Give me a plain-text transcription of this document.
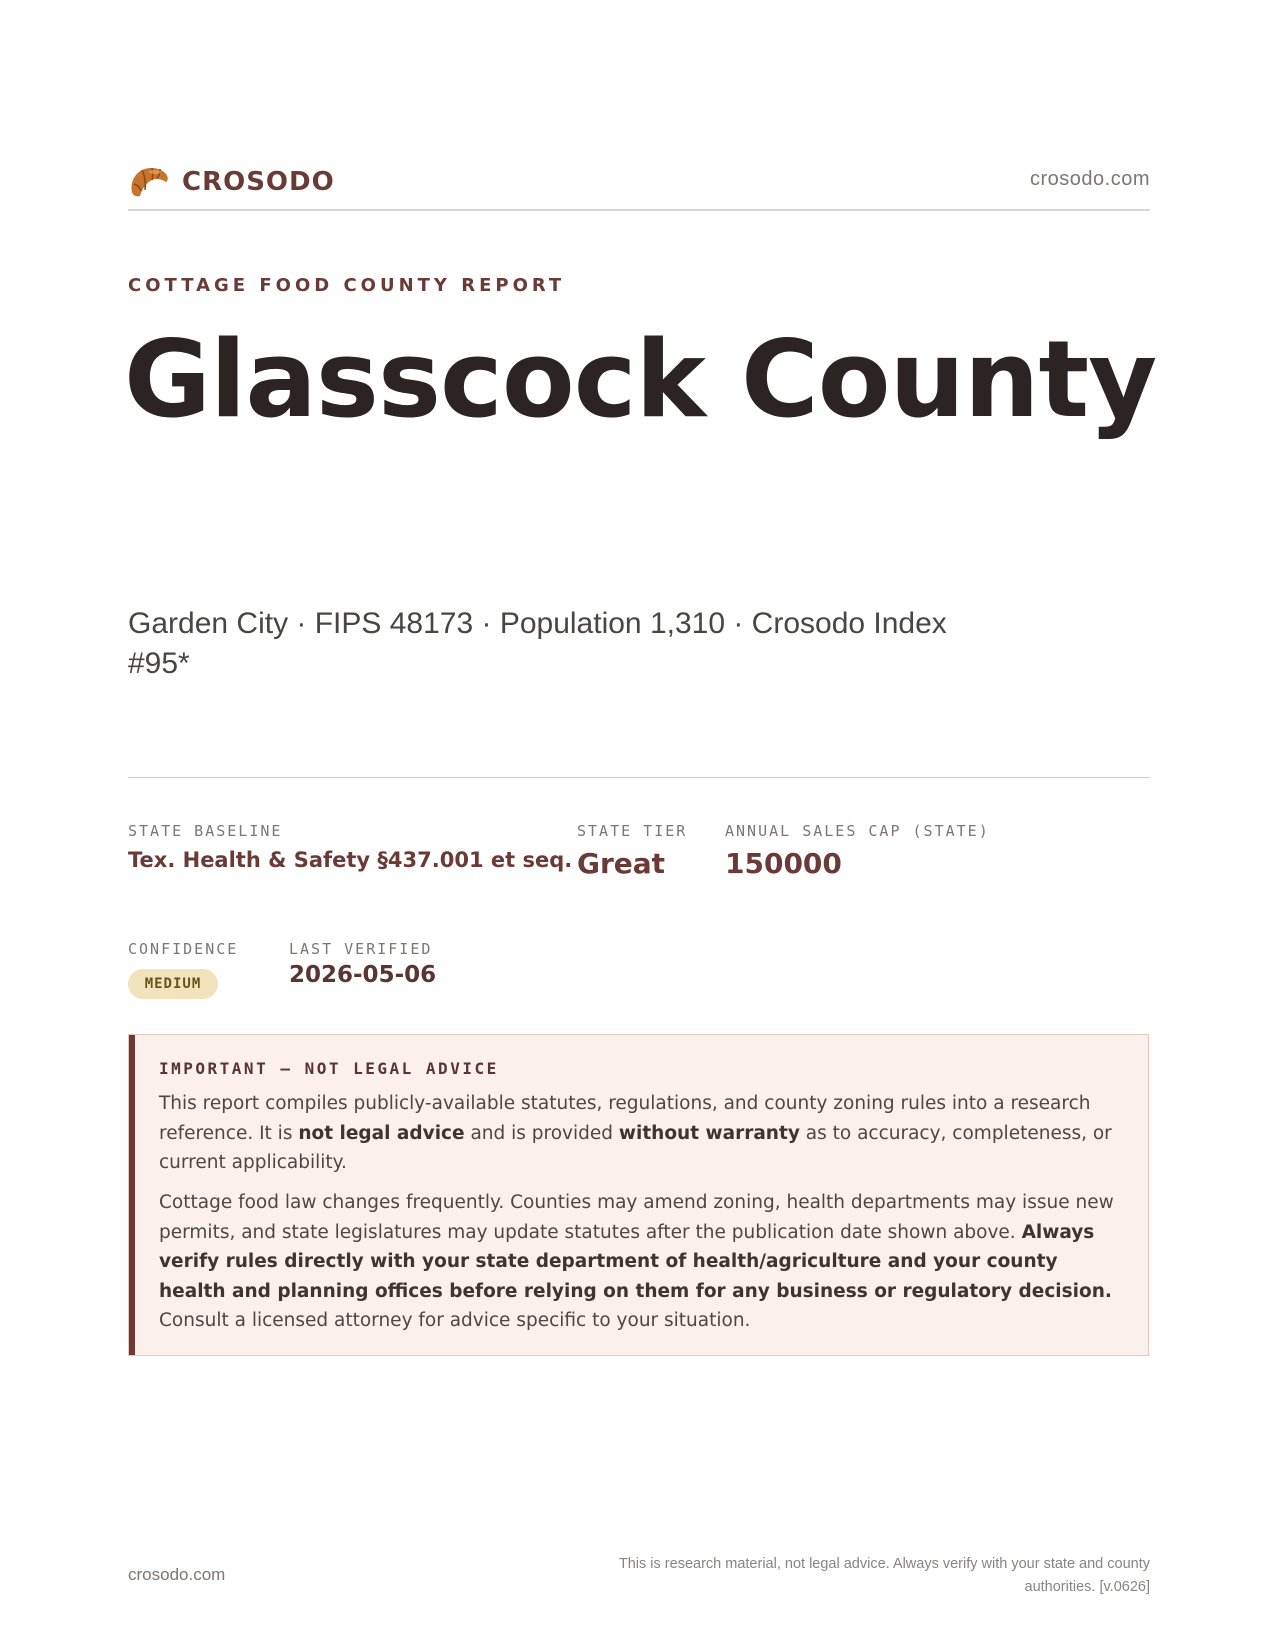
CROSODO	crosodo.com
COTTAGE FOOD COUNTY REPORT
Glasscock County
Garden City · FIPS 48173 · Population 1,310 · Crosodo Index #95*
STATE BASELINE
Tex. Health & Safety §437.001 et seq.
STATE TIER
Great
ANNUAL SALES CAP (STATE)
150000
CONFIDENCE
MEDIUM
LAST VERIFIED
2026-05-06
IMPORTANT — NOT LEGAL ADVICE

This report compiles publicly-available statutes, regulations, and county zoning rules into a research reference. It is not legal advice and is provided without warranty as to accuracy, completeness, or current applicability.

Cottage food law changes frequently. Counties may amend zoning, health departments may issue new permits, and state legislatures may update statutes after the publication date shown above. Always verify rules directly with your state department of health/agriculture and your county health and planning offices before relying on them for any business or regulatory decision. Consult a licensed attorney for advice specific to your situation.

crosodo.com
This is research material, not legal advice. Always verify with your state and county authorities. [v.0626]
